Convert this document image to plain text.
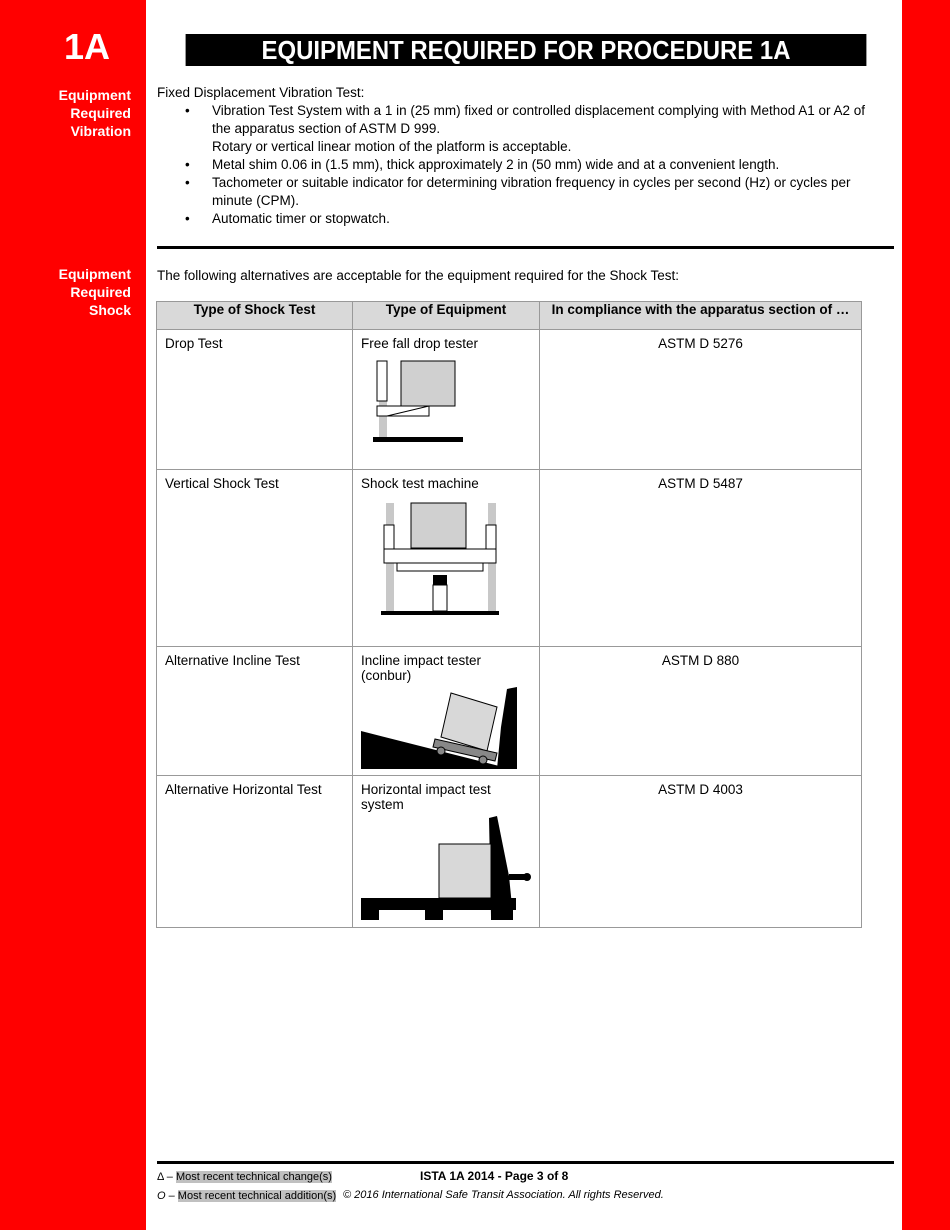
1A	EQUIPMENT REQUIRED FOR PROCEDURE 1A
Equipment
Required
Vibration
Equipment
Required
Shock
Fixed Displacement Vibration Test:
• Vibration Test System with a 1 in (25 mm) fixed or controlled displacement complying with Method A1 or A2 of the apparatus section of ASTM D 999.
Rotary or vertical linear motion of the platform is acceptable.
• Metal shim 0.06 in (1.5 mm), thick approximately 2 in (50 mm) wide and at a convenient length.
• Tachometer or suitable indicator for determining vibration frequency in cycles per second (Hz) or cycles per minute (CPM).
• Automatic timer or stopwatch.
The following alternatives are acceptable for the equipment required for the Shock Test:
Type of Shock Test	Type of Equipment	In compliance with the apparatus section of …
Drop Test	Free fall drop tester	ASTM D 5276
Vertical Shock Test	Shock test machine	ASTM D 5487
Alternative Incline Test	Incline impact tester (conbur)	ASTM D 880
Alternative Horizontal Test	Horizontal impact test system	ASTM D 4003
Δ – Most recent technical change(s)
O – Most recent technical addition(s)
ISTA 1A 2014 - Page 3 of 8
© 2016 International Safe Transit Association. All rights Reserved.
